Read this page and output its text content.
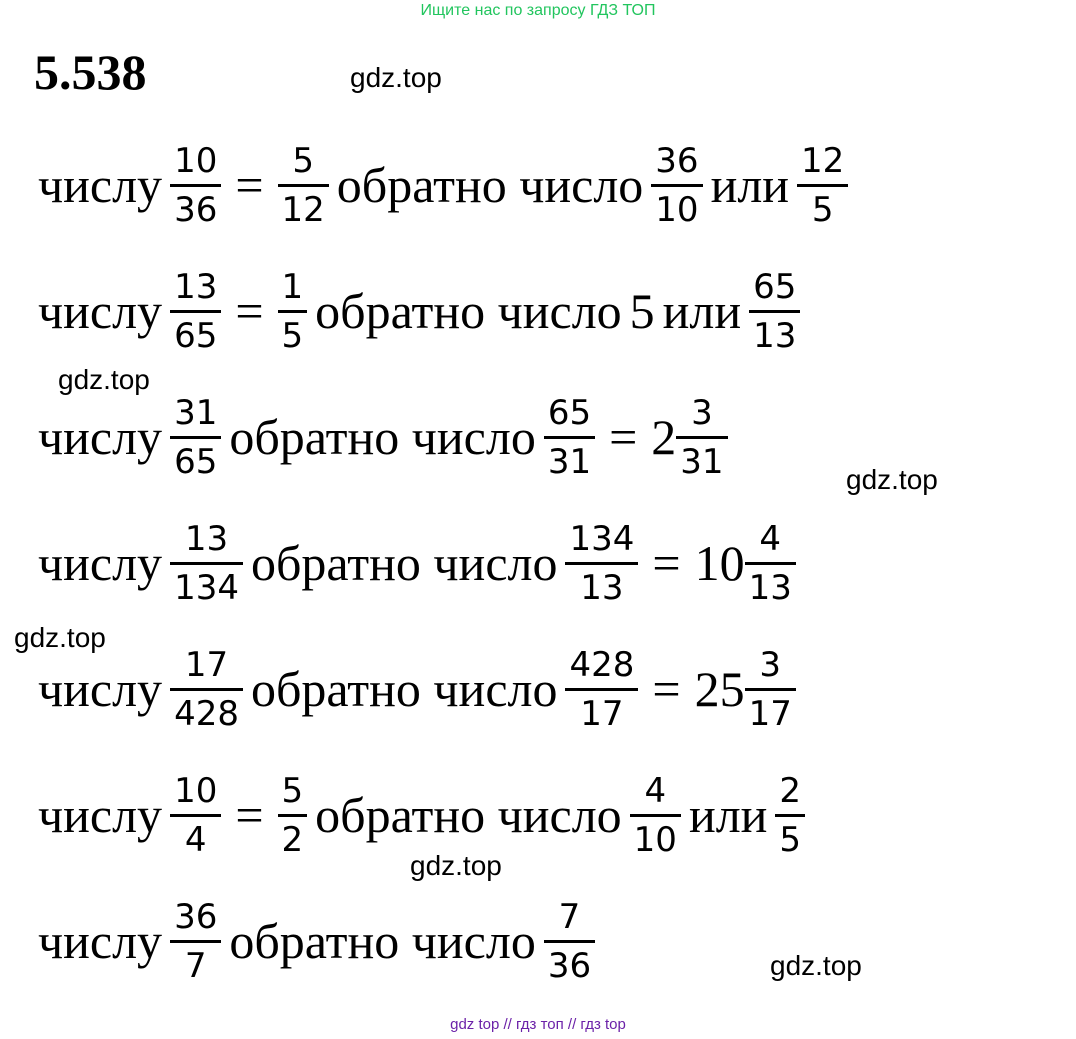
Ищите нас по запросу ГДЗ ТОП
5.538	gdz.top
gdz.top
gdz.top
gdz.top
gdz.top
gdz.top
числу $\frac{10}{36} = \frac{5}{12}$ обратно число $\frac{36}{10}$ или $\frac{12}{5}$
числу $\frac{13}{65} = \frac{1}{5}$ обратно число 5 или $\frac{65}{13}$
числу $\frac{31}{65}$ обратно число $\frac{65}{31} = 2 \frac{3}{31}$
числу $\frac{13}{134}$ обратно число $\frac{134}{13} = 10 \frac{4}{13}$
числу $\frac{17}{428}$ обратно число $\frac{428}{17} = 25 \frac{3}{17}$
числу $\frac{10}{4} = \frac{5}{2}$ обратно число $\frac{4}{10}$ или $\frac{2}{5}$
числу $\frac{36}{7}$ обратно число $\frac{7}{36}$
gdz top // гдз топ // гдз top
